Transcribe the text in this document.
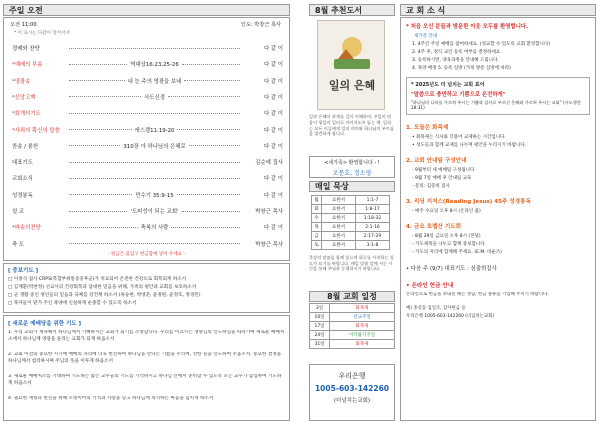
주일 오전
오전 11:00	인도: 박창근 목사
* 이 표시는 다같이 일어서서
경배와 찬양	다 같 이
*예배의 부름	역대상16:23,25-26	다 같 이
*영광송	내 눈 주의 영광을 보네	다 같 이
*신앙고백	사도신경	다 같 이
*회개의기도	다 같 이
*사죄의 확신의 말씀	에스겔11:19-20	다 같 이
찬송 / 봉헌	310장 아 하나님의 은혜로	다 같 이
대표기도	김순예 집사
교회소식	다 같 이
성경봉독	민수기 35:9-15	다 같 이
설 교	'도피성이 되는 교회'	박창근 목사
*파송의찬양	축복의 사람	다 같 이
축 도	박창근 목사
- 헌금은 출입구 헌금함에 넣어 주세요 -
[ 중보기도 ]
□ 이종석 집사 CRPS(복합부위통증증후군)가 치료되어 온전한 건강으로 회복되게 하소서
□ 김계환(박찬정) 선교사의 건강회복과 담대한 믿음을 위해, 가족의 평안과 교회를 보호하소서
□ 군 생활 중인 청년들의 믿음과 육체를 강건케 하소서 (류승현, 박영준, 윤정원, 윤정호, 정경민)
□ 목자들이 맡겨 주신 목양에 신실하게 순종할 수 있도록 하소서
[ 새로운 예배당을 위한 기도 ]
1. 우리 교회가 계속해서 하나님께서 기뻐하시는 교회가 되기를 소망합니다. 우리를 이끄시는 생명님의 인도하심을 따라가며 새로운 예배처소에서 하나님께 영광을 돌리는 교회가 되게 하옵소서
2. 교회 이전의 중요한 시기에 예배의 자리에 더욱 헌신하여 하나님을 만나는 기쁨을 누리며, 선한 길을 인도하여 주옵소서. 중요한 결정을 하나님께서 섭리하시며 주님의 뜻을 이루게 하옵소서
3. 새로운 예배처소를 기대하며 기도하는 많은 교우들의 기도를 기억하시고 하나님 안에서 준비할 수 있도록 모든 교우가 합심하여 기도하게 하옵소서
4. 필요한 재정과 헌신을 위해 오병이어의 기적과 사랑을 믿고 하나님께 의지하는 마음을 넘치게 하소서
8월 추천도서
일의 은혜
일과 은혜의 관계를 깊이 이해하며, 주일의 믿음이 평일의 일터로 이어지도록 돕는 책. 일하는 모든 이들에게 일의 의미와 하나님의 부르심을 발견하게 합니다.
<새가족> 환영합니다 - !
오문호, 정소영
매일 묵상
월	요한서	1:1-7
화	요한서	1:8-17
수	요한서	1:18-32
목	요한서	2:1-16
금	요한서	2:17-29
토	요한서	3:1-8
묵상의 말씀을 함께 읽으며 하루를 시작하는 성도가 되기를 바랍니다. 매일 말씀 앞에 서는 시간을 통해 주님과 동행하시기 바랍니다.
8월 교회 일정
3일	화목제
10일	선교주일
17일	화목제
24일	이삭줍기주일
31일	화목제
우리은행
1005-603-142260
(더넘치는교회)
교 회 소 식
* 처음 오신 분들과 방문한 이웃 모두를 환영합니다.
새가족 안내
1. 4주간 주일 예배를 참여하세요. (성교할 수 있도록 교회 환영합니다)
2. 4주 후, 정식 교인 등록 여부를 결정하세요.
3. 등록하시면, 양육과정을 안내해 드립니다.
4. 목양 배정 5. 등록 심방 (가정 방문 심방에 따라)
* 2025년도 더 넘치는 교회 표어
"말씀으로 충만하고 기쁨으로 온전하게"
"하나님의 나라를 가르쳐 주시는 기쁨과 감사로 부르신 은혜와 가르쳐 주시는 교회" (사도행전 28:31)
1. 모들은 화목제
• 화목제는 식사와 더불어 교제하는 시간입니다.
• 성도들과 함께 교제를 나누며 평안을 누리시기 바랍니다.
2. 교회 안내팀 구성안내
- 9월부터 새 예배팀 구성됩니다
- 9월 7일 예배 후 안내팀 교육
- 문의: 김준희 집사
3. 리딩 지저스(Reading Jesus) 45주 성경통독
- 매주 수요일 오후 8시 (온라인 줌)
4. 금요 호렙산 기도회
- 8월 29일 금요일 오후 8시 (본당)
- 기도제목을 나누고 함께 중보합니다
- 기도의 자리에 함께해 주세요. (E.M. 바운즈)
• 다음 주 (9/7) 대표기도 : 심출희집사
• 온라인 헌금 안내
온라인으로 헌금을 보내실 때는 성함, 헌금 종류를 기입해 주시기 바랍니다.
예) 홍길동 십일조, 감사헌금 등
우리은행 1005-603-142260 (더넘치는교회)
